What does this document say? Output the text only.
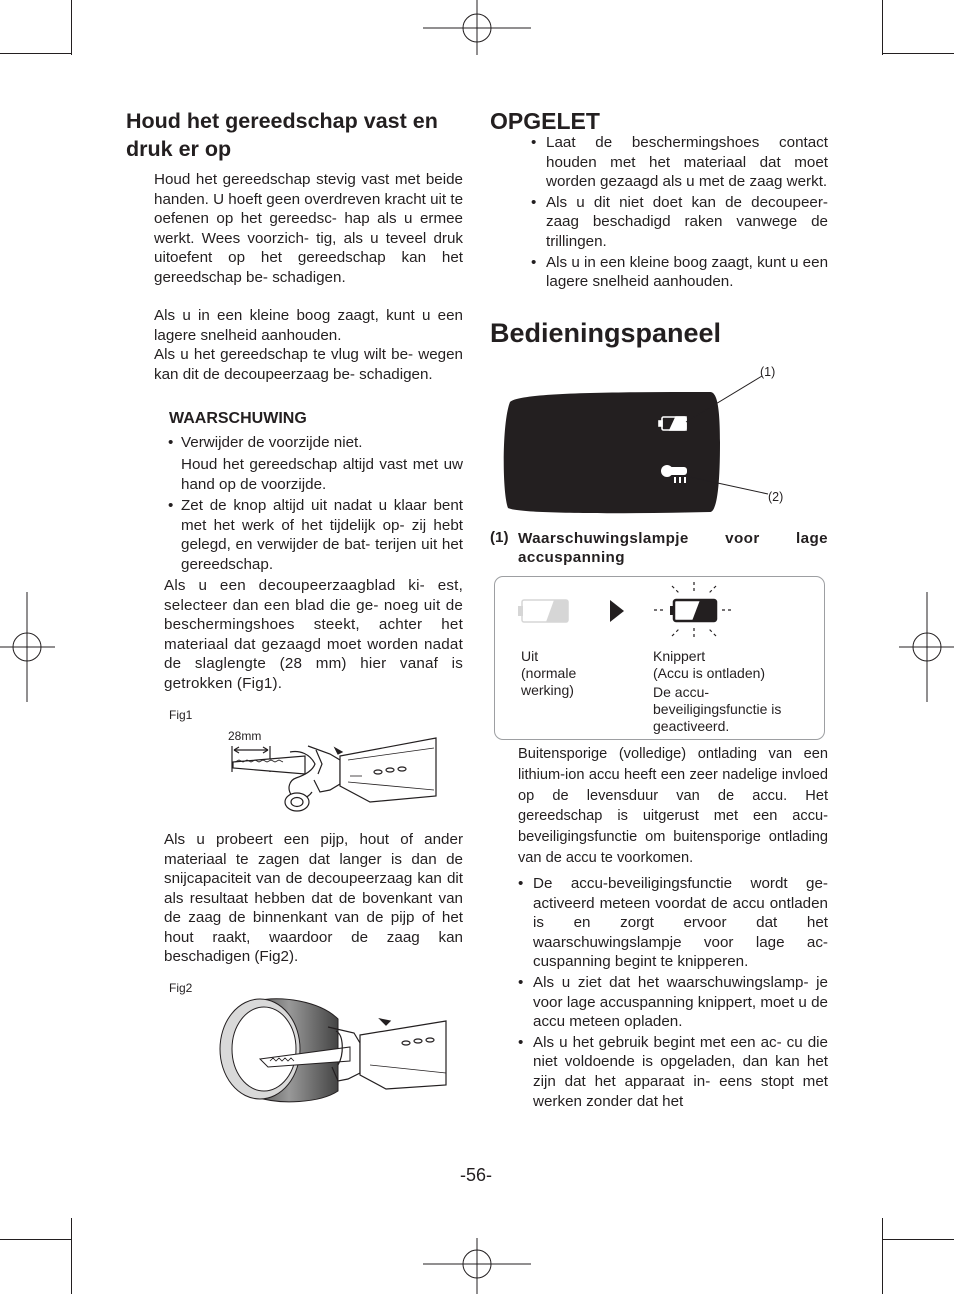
Houd het gereedschap vast en druk er op

Houd het gereedschap stevig vast met beide handen. U hoeft geen overdreven kracht uit te oefenen op het gereedsc- hap als u ermee werkt. Wees voorzich- tig, als u teveel druk uitoefent op het gereedschap kan het gereedschap be- schadigen.

Als u in een kleine boog zaagt, kunt u een lagere snelheid aanhouden.

Als u het gereedschap te vlug wilt be- wegen kan dit de decoupeerzaag be- schadigen.

WAARSCHUWING
• Verwijder de voorzijde niet.

Houd het gereedschap altijd vast met uw hand op de voorzijde.

• Zet de knop altijd uit nadat u klaar bent met het werk of het tijdelijk op- zij hebt gelegd, en verwijder de bat- terijen uit het gereedschap.

Als u een decoupeerzaagblad ki- est, selecteer dan een blad die ge- noeg uit de beschermingshoes steekt, achter het materiaal dat gezaagd moet worden nadat de slaglengte (28 mm) hier vanaf is getrokken (Fig1).

Fig1
28mm

Als u probeert een pijp, hout of ander materiaal te zagen dat langer is dan de snijcapaciteit van de decoupeerzaag kan dit als resultaat hebben dat de bovenkant van de zaag de binnenkant van de pijp of het hout raakt, waardoor de zaag kan beschadigen (Fig2).

Fig2
OPGELET
• Laat de beschermingshoes contact houden met het materiaal dat moet worden gezaagd als u met de zaag werkt.
• Als u dit niet doet kan de decoupeer- zaag beschadigd raken vanwege de trillingen.
• Als u in een kleine boog zaagt, kunt u een lagere snelheid aanhouden.
Bedieningspaneel
(1)
(2)
(1) Waarschuwingslampje voor lage accuspanning
Uit
(normale
werking)
Knippert
(Accu is ontladen)
De accu-
beveiligingsfunctie is
geactiveerd.

Buitensporige (volledige) ontlading van een lithium-ion accu heeft een zeer nadelige invloed op de levensduur van de accu. Het gereedschap is uitgerust met een accu-beveiligingsfunctie om buitensporige ontlading van de accu te voorkomen.

• De accu-beveiligingsfunctie wordt ge- activeerd meteen voordat de accu ontladen is en zorgt ervoor dat het waarschuwingslampje voor lage ac- cuspanning begint te knipperen.
• Als u ziet dat het waarschuwingslamp- je voor lage accuspanning knippert, moet u de accu meteen opladen.
• Als u het gebruik begint met een ac- cu die niet voldoende is opgeladen, dan kan het zijn dat het apparaat in- eens stopt met werken zonder dat het
-56-
